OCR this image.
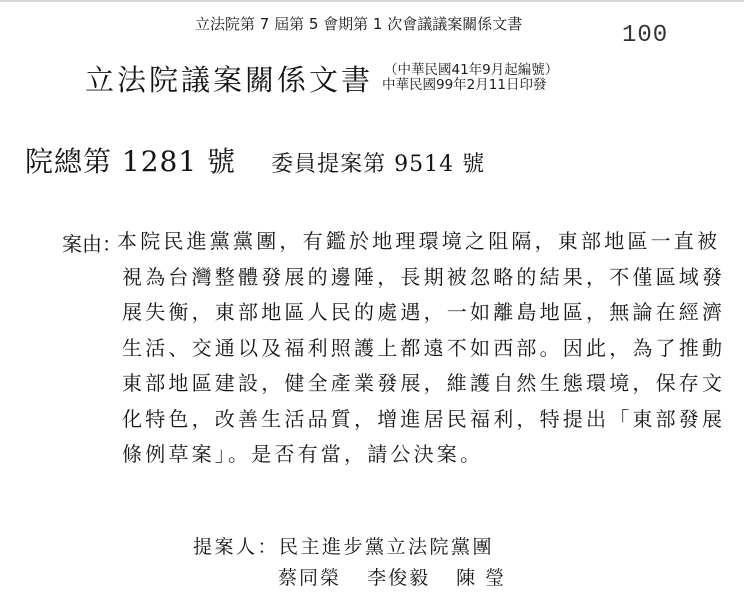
立法院第 7 屆第 5 會期第 1 次會議議案關係文書	100
立法院議案關係文書 （中華民國41年9月起編號）
中華民國99年2月11日印發
院總第 1281 號 委員提案第 9514 號
案由：
本院民進黨黨團，有鑑於地理環境之阻隔，東部地區一直被
視為台灣整體發展的邊陲，長期被忽略的結果，不僅區域發
展失衡，東部地區人民的處遇，一如離島地區，無論在經濟
生活、交通以及福利照護上都遠不如西部。因此，為了推動
東部地區建設，健全產業發展，維護自然生態環境，保存文
化特色，改善生活品質，增進居民福利，特提出「東部發展
條例草案」。是否有當，請公決案。
提案人：民主進步黨立法院黨團
蔡同榮 李俊毅 陳 瑩
